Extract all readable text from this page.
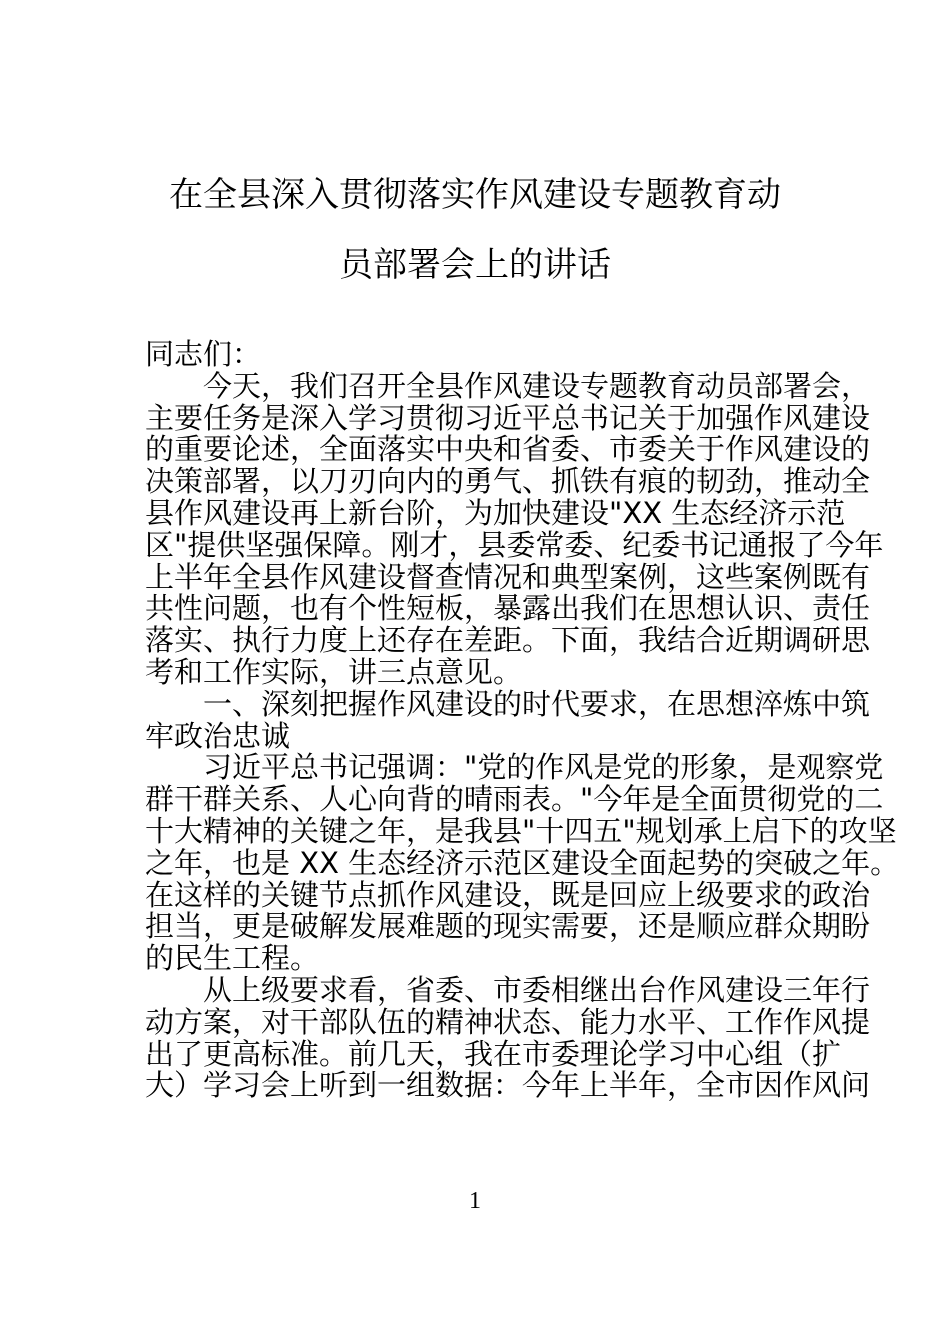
在全县深入贯彻落实作风建设专题教育动
员部署会上的讲话
同志们：
今天，我们召开全县作风建设专题教育动员部署会，
主要任务是深入学习贯彻习近平总书记关于加强作风建设
的重要论述，全面落实中央和省委、市委关于作风建设的
决策部署，以刀刃向内的勇气、抓铁有痕的韧劲，推动全
县作风建设再上新台阶，为加快建设"XX 生态经济示范
区"提供坚强保障。刚才，县委常委、纪委书记通报了今年
上半年全县作风建设督查情况和典型案例，这些案例既有
共性问题，也有个性短板，暴露出我们在思想认识、责任
落实、执行力度上还存在差距。下面，我结合近期调研思
考和工作实际，讲三点意见。
一、深刻把握作风建设的时代要求，在思想淬炼中筑
牢政治忠诚
习近平总书记强调："党的作风是党的形象，是观察党
群干群关系、人心向背的晴雨表。"今年是全面贯彻党的二
十大精神的关键之年，是我县"十四五"规划承上启下的攻坚
之年，也是 XX 生态经济示范区建设全面起势的突破之年。
在这样的关键节点抓作风建设，既是回应上级要求的政治
担当，更是破解发展难题的现实需要，还是顺应群众期盼
的民生工程。
从上级要求看，省委、市委相继出台作风建设三年行
动方案，对干部队伍的精神状态、能力水平、工作作风提
出了更高标准。前几天，我在市委理论学习中心组（扩
大）学习会上听到一组数据：今年上半年，全市因作风问
1
